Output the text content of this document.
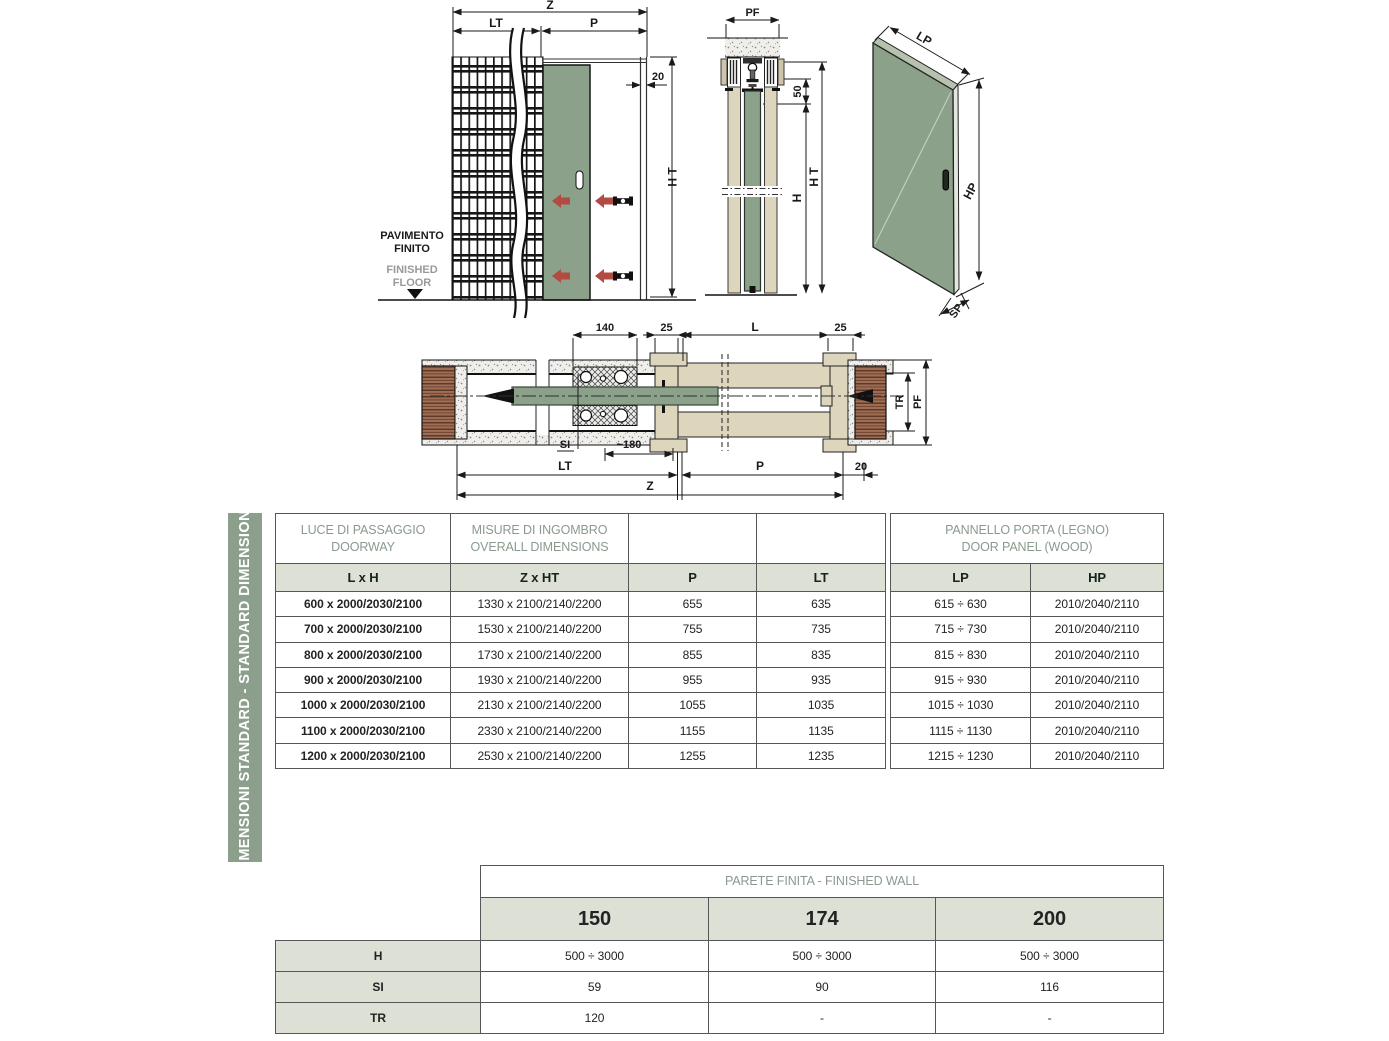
Z
LT	P
20
H T
PAVIMENTO
FINITO
FINISHED
FLOOR
PF
50
H
H T
LP
HP
SP
140	25	L	25
SI	~180
LT	P	20
Z
TR PF
DIMENSIONI STANDARD - STANDARD DIMENSIONS	LUCE DI PASSAGGIO
DOORWAY

MISURE DI INGOMBRO
OVERALL DIMENSIONS

L x H	Z x HT	P	LT
600 x 2000/2030/2100	1330 x 2100/2140/2200	655	635
700 x 2000/2030/2100	1530 x 2100/2140/2200	755	735
800 x 2000/2030/2100	1730 x 2100/2140/2200	855	835
900 x 2000/2030/2100	1930 x 2100/2140/2200	955	935
1000 x 2000/2030/2100	2130 x 2100/2140/2200	1055	1035
1100 x 2000/2030/2100	2330 x 2100/2140/2200	1155	1135
1200 x 2000/2030/2100	2530 x 2100/2140/2200	1255	1235
PANNELLO PORTA (LEGNO)
DOOR PANEL (WOOD)	

LP	HP
615 ÷ 630	2010/2040/2110
715 ÷ 730	2010/2040/2110
815 ÷ 830	2010/2040/2110
915 ÷ 930	2010/2040/2110
1015 ÷ 1030	2010/2040/2110
1115 ÷ 1130	2010/2040/2110
1215 ÷ 1230	2010/2040/2110
	PARETE FINITA - FINISHED WALL		
	150	174	200
H	500 ÷ 3000	500 ÷ 3000	500 ÷ 3000
SI	59	90	116
TR	120	-	-
